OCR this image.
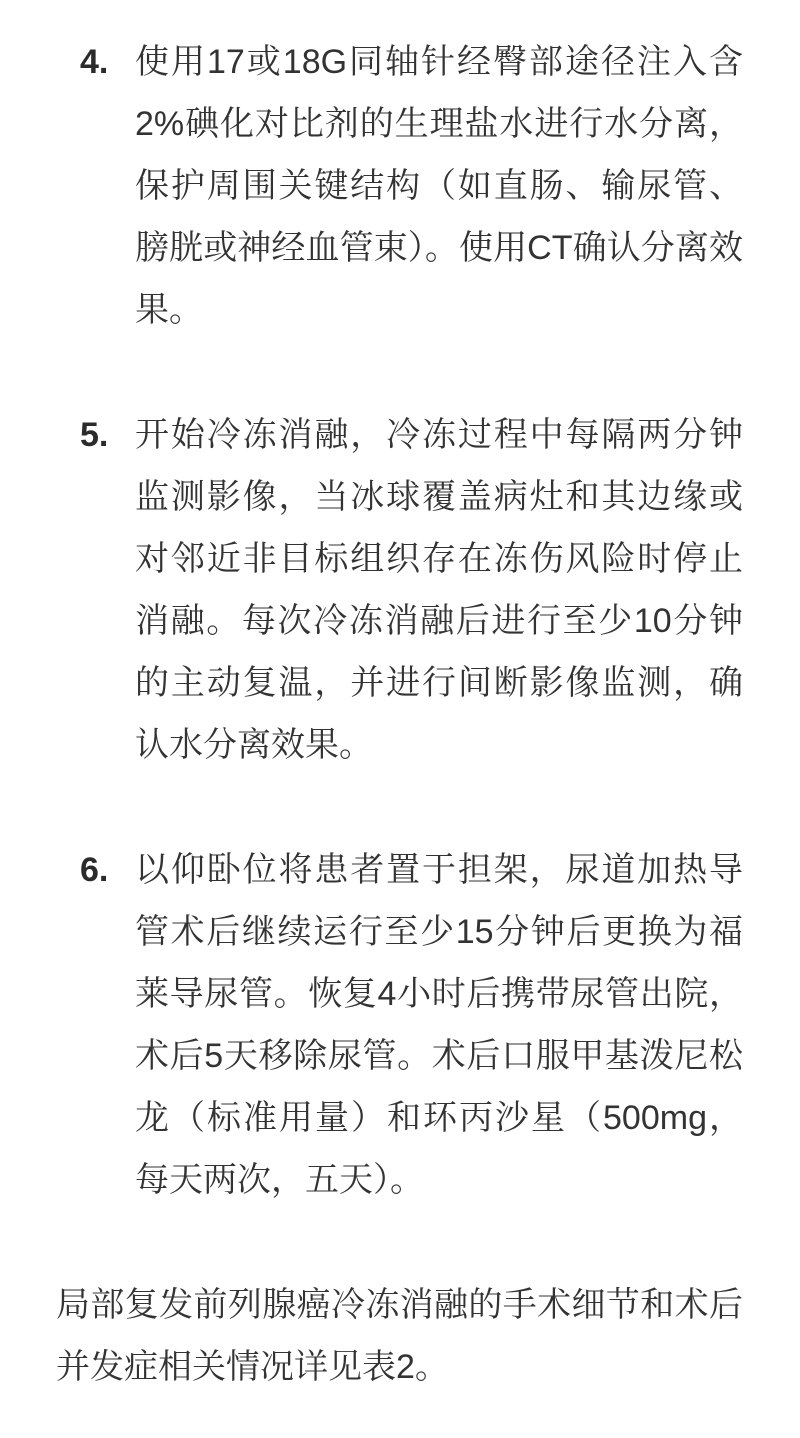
4. 使用17或18G同轴针经臀部途径注入含2%碘化对比剂的生理盐水进行水分离，保护周围关键结构（如直肠、输尿管、膀胱或神经血管束）。使用CT确认分离效果。
5. 开始冷冻消融，冷冻过程中每隔两分钟监测影像，当冰球覆盖病灶和其边缘或对邻近非目标组织存在冻伤风险时停止消融。每次冷冻消融后进行至少10分钟的主动复温，并进行间断影像监测，确认水分离效果。
6. 以仰卧位将患者置于担架，尿道加热导管术后继续运行至少15分钟后更换为福莱导尿管。恢复4小时后携带尿管出院，术后5天移除尿管。术后口服甲基泼尼松龙（标准用量）和环丙沙星（500mg，每天两次，五天）。

局部复发前列腺癌冷冻消融的手术细节和术后并发症相关情况详见表2。
